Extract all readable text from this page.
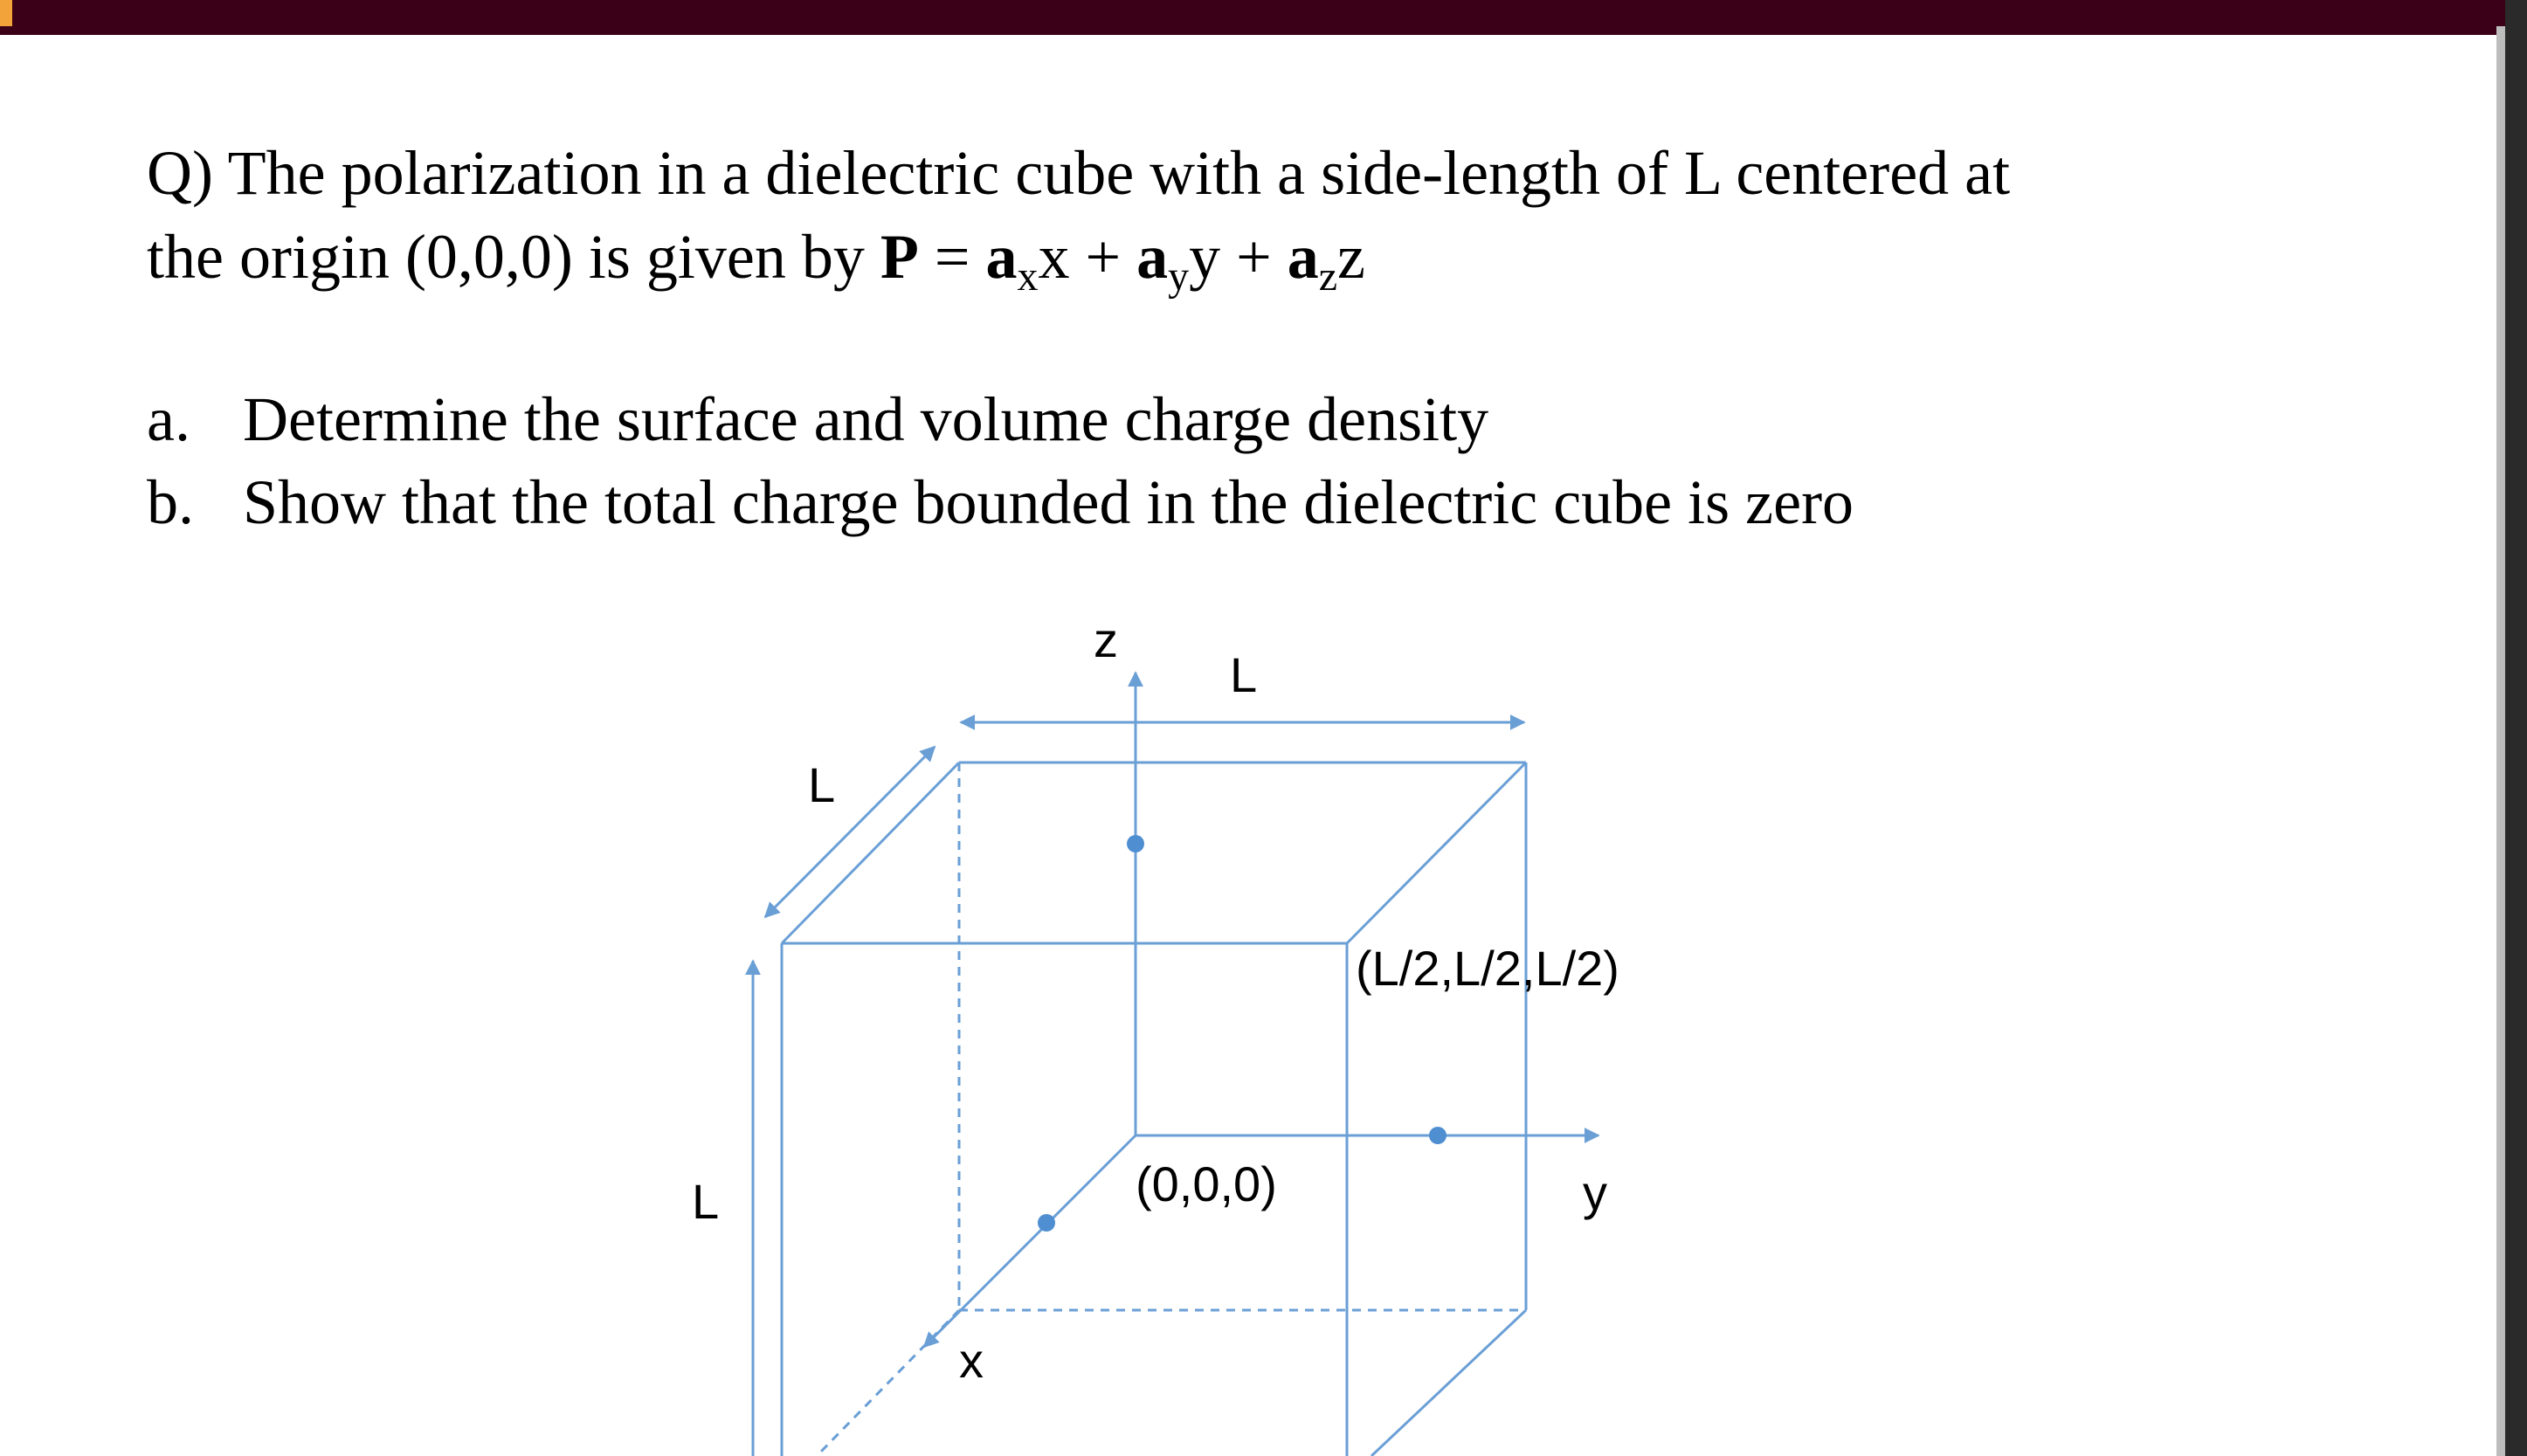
Q) The polarization in a dielectric cube with a side-length of L centered at
the origin (0,0,0) is given by $P = a_xx + a_yy + a_zz$
a. Determine the surface and volume charge density
b. Show that the total charge bounded in the dielectric cube is zero
z
y
x
L
L
L
(L/2,L/2,L/2)
(0,0,0)
